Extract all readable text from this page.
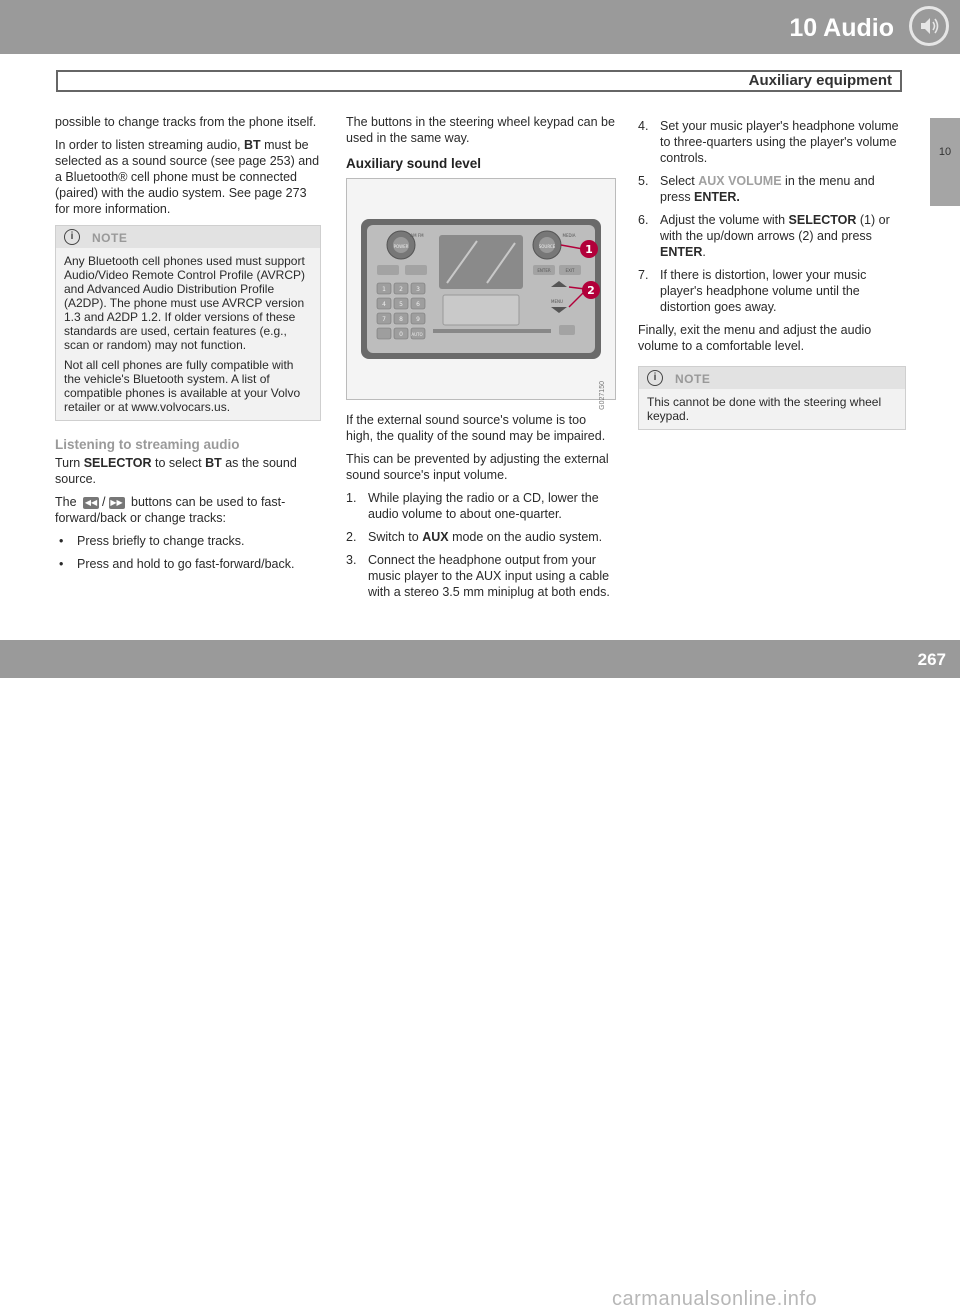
10 Audio
Auxiliary equipment
10

possible to change tracks from the phone itself.

In order to listen streaming audio, BT must be selected as a sound source (see page 253) and a Bluetooth® cell phone must be connected (paired) with the audio system. See page 273 for more information.

i	NOTE

Any Bluetooth cell phones used must support Audio/Video Remote Control Profile (AVRCP) and Advanced Audio Distribution Profile (A2DP). The phone must use AVRCP version 1.3 and A2DP 1.2. If older versions of these standards are used, certain features (e.g., scan or random) may not function.

Not all cell phones are fully compatible with the vehicle's Bluetooth system. A list of compatible phones is available at your Volvo retailer or at www.volvocars.us.

Listening to streaming audio

Turn SELECTOR to select BT as the sound source.

The ◀◀ / ▶▶ buttons can be used to fast-forward/back or change tracks:

• Press briefly to change tracks.
• Press and hold to go fast-forward/back.

The buttons in the steering wheel keypad can be used in the same way.

Auxiliary sound level
1 2 3
4 5 6
7 8 9
0
POWER	SOURCE
AM FM	MEDIA
ENTER	EXIT
MENU
AUTO
1
2
G027150

If the external sound source's volume is too high, the quality of the sound may be impaired.

This can be prevented by adjusting the external sound source's input volume.

1. While playing the radio or a CD, lower the audio volume to about one-quarter.
2. Switch to AUX mode on the audio system.
3. Connect the headphone output from your music player to the AUX input using a cable with a stereo 3.5 mm miniplug at both ends.
4. Set your music player's headphone volume to three-quarters using the player's volume controls.
5. Select AUX VOLUME in the menu and press ENTER.
6. Adjust the volume with SELECTOR (1) or with the up/down arrows (2) and press ENTER.
7. If there is distortion, lower your music player's headphone volume until the distortion goes away.

Finally, exit the menu and adjust the audio volume to a comfortable level.

i	NOTE
This cannot be done with the steering wheel keypad.
carmanualsonline.info
267
